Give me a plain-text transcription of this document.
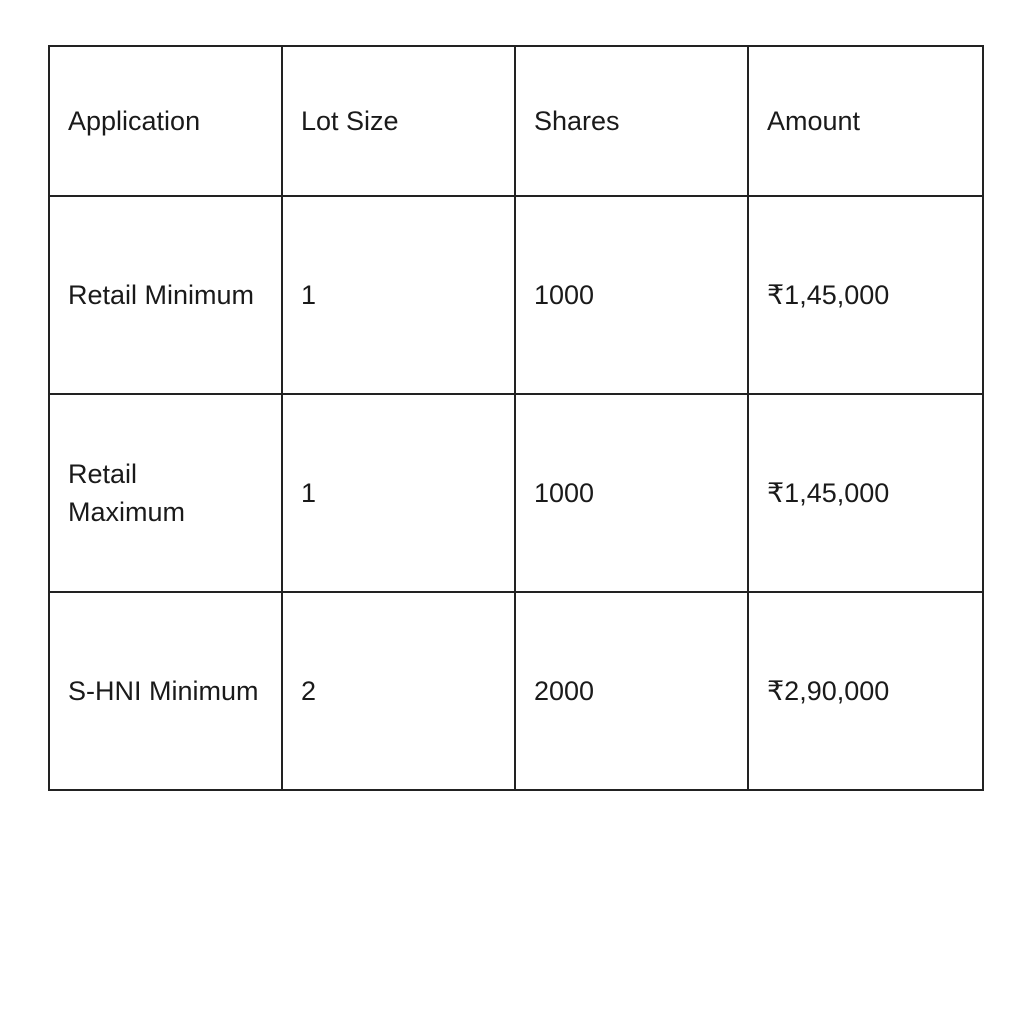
Application	Lot Size	Shares	Amount
Retail Minimum	1	1000	₹1,45,000
Retail
Maximum	1	1000	₹1,45,000
S-HNI Minimum	2	2000	₹2,90,000
